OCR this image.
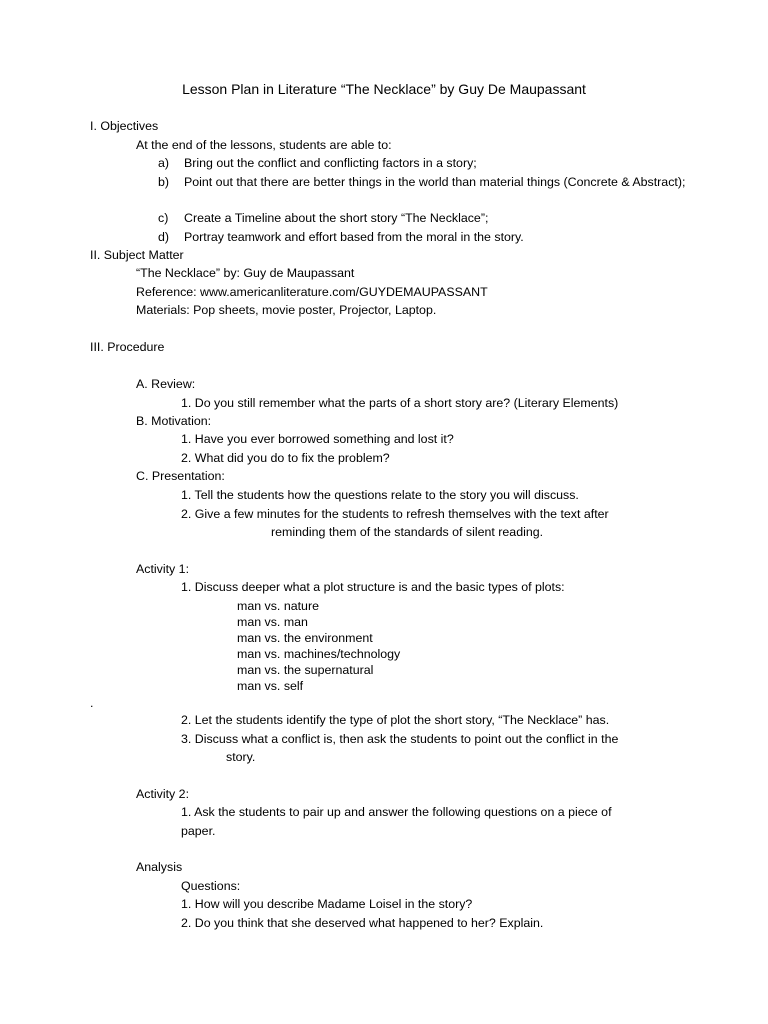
Lesson Plan in Literature “The Necklace” by Guy De Maupassant
I. Objectives
At the end of the lessons, students are able to:
a) Bring out the conflict and conflicting factors in a story;
b)	Point out that there are better things in the world than material things (Concrete & Abstract);
c) Create a Timeline about the short story “The Necklace”;
d) Portray teamwork and effort based from the moral in the story.
II. Subject Matter
“The Necklace” by: Guy de Maupassant
Reference: www.americanliterature.com/GUYDEMAUPASSANT
Materials: Pop sheets, movie poster, Projector, Laptop.
III. Procedure
A. Review:
1. Do you still remember what the parts of a short story are? (Literary Elements)
B. Motivation:
1. Have you ever borrowed something and lost it?
2. What did you do to fix the problem?
C. Presentation:
1. Tell the students how the questions relate to the story you will discuss.
2. Give a few minutes for the students to refresh themselves with the text after
reminding them of the standards of silent reading.
Activity 1:
1. Discuss deeper what a plot structure is and the basic types of plots:
man vs. nature
man vs. man
man vs. the environment
man vs. machines/technology
man vs. the supernatural
man vs. self
.
2. Let the students identify the type of plot the short story, “The Necklace” has.
3. Discuss what a conflict is, then ask the students to point out the conflict in the
story.
Activity 2:
1. Ask the students to pair up and answer the following questions on a piece of
paper.
Analysis
Questions:
1. How will you describe Madame Loisel in the story?
2. Do you think that she deserved what happened to her? Explain.
